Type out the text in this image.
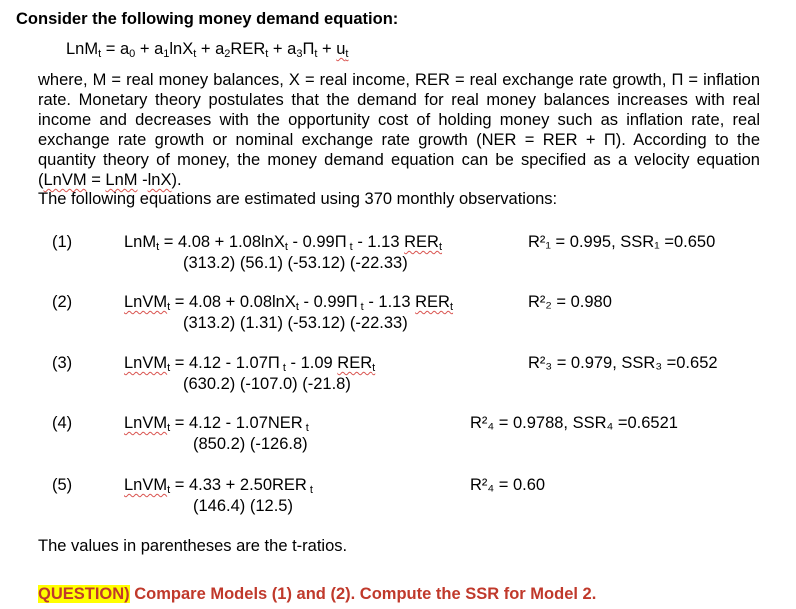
Consider the following money demand equation:
$LnM_t = a_0 + a_1\ln X_t + a_2RER_t + a_3\Pi_t + u_t$

where, M = real money balances, X = real income, RER = real exchange rate growth, Π = inflation rate. Monetary theory postulates that the demand for real money balances increases with real income and decreases with the opportunity cost of holding money such as inflation rate, real exchange rate growth or nominal exchange rate growth (NER = RER + Π). According to the quantity theory of money, the money demand equation can be specified as a velocity equation (LnVM = LnM -lnX).

The following equations are estimated using 370 monthly observations:
(1)	LnM$_t$ = 4.08 + 1.08lnX$_t$ - 0.99Π $_t$ - 1.13 $RER_t$
(313.2) (56.1) (-53.12) (-22.33)
R²₁ = 0.995, SSR₁ =0.650
(2)	LnVM$_t$ = 4.08 + 0.08lnX$_t$ - 0.99Π $_t$ - 1.13 $RER_t$
(313.2) (1.31) (-53.12) (-22.33)
R²₂ = 0.980
(3)	LnVM$_t$ = 4.12 - 1.07Π $_t$ - 1.09 $RER_t$
(630.2) (-107.0) (-21.8)
R²₃ = 0.979, SSR₃ =0.652
(4)	LnVM$_t$ = 4.12 - 1.07NER $_t$
(850.2) (-126.8)
R²₄ = 0.9788, SSR₄ =0.6521
(5)	LnVM$_t$ = 4.33 + 2.50RER $_t$
(146.4) (12.5)
R²₄ = 0.60
The values in parentheses are the t-ratios.
QUESTION) Compare Models (1) and (2). Compute the SSR for Model 2.
